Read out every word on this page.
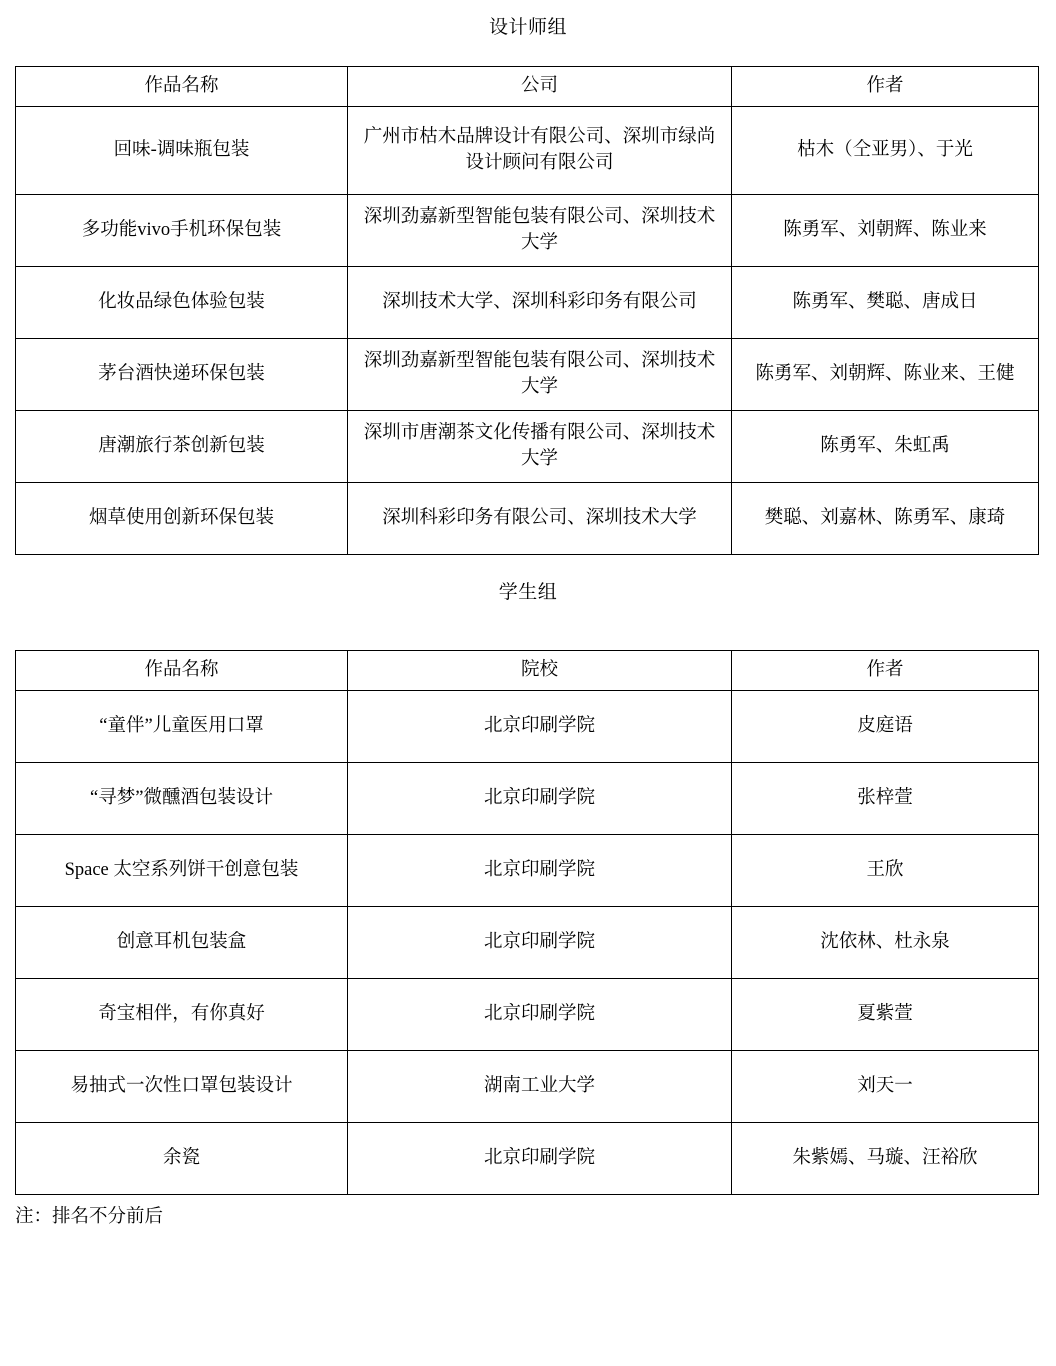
设计师组
作品名称	公司	作者
回味-调味瓶包装	广州市枯木品牌设计有限公司、深圳市绿尚设计顾问有限公司	枯木（仝亚男）、于光
多功能vivo手机环保包装	深圳劲嘉新型智能包装有限公司、深圳技术大学	陈勇军、刘朝辉、陈业来
化妆品绿色体验包装	深圳技术大学、深圳科彩印务有限公司	陈勇军、樊聪、唐成日
茅台酒快递环保包装	深圳劲嘉新型智能包装有限公司、深圳技术大学	陈勇军、刘朝辉、陈业来、王健
唐潮旅行茶创新包装	深圳市唐潮茶文化传播有限公司、深圳技术大学	陈勇军、朱虹禹
烟草使用创新环保包装	深圳科彩印务有限公司、深圳技术大学	樊聪、刘嘉林、陈勇军、康琦
学生组
作品名称	院校	作者
“童伴”儿童医用口罩	北京印刷学院	皮庭语
“寻梦”微醺酒包装设计	北京印刷学院	张梓萱
Space 太空系列饼干创意包装	北京印刷学院	王欣
创意耳机包装盒	北京印刷学院	沈依林、杜永泉
奇宝相伴，有你真好	北京印刷学院	夏紫萱
易抽式一次性口罩包装设计	湖南工业大学	刘天一
余瓷	北京印刷学院	朱紫嫣、马璇、汪裕欣
注：排名不分前后
